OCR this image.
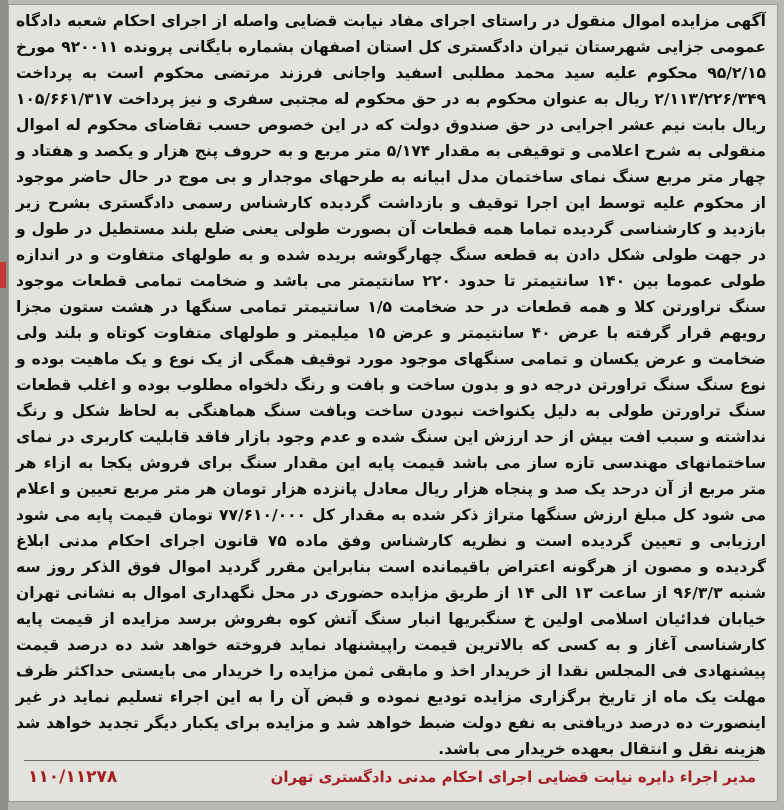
آگهی مزایده اموال منقول در راستای اجرای مفاد نیابت قضایی واصله از اجرای احکام شعبه دادگاه عمومی جزایی شهرستان تیران دادگستری کل استان اصفهان بشماره بایگانی پرونده ۹۲۰۰۱۱ مورخ ۹۵/۲/۱۵ محکوم علیه سید محمد مطلبی اسفید واجانی فرزند مرتضی محکوم است به پرداخت ۲/۱۱۳/۲۲۶/۳۴۹ ریال به عنوان محکوم به در حق محکوم له مجتبی سفری و نیز پرداخت ۱۰۵/۶۶۱/۳۱۷ ریال بابت نیم عشر اجرایی در حق صندوق دولت که در این خصوص حسب تقاضای محکوم له اموال منقولی به شرح اعلامی و توقیفی به مقدار ۵/۱۷۴ متر مربع و به حروف پنج هزار و یکصد و هفتاد و چهار متر مربع سنگ نمای ساختمان مدل ابیانه به طرحهای موجدار و بی موج در حال حاضر موجود از محکوم علیه توسط این اجرا توقیف و بازداشت گردیده کارشناس رسمی دادگستری بشرح زیر بازدید و کارشناسی گردیده تماما همه قطعات آن بصورت طولی یعنی ضلع بلند مستطیل در طول و در جهت طولی شکل دادن به قطعه سنگ چهارگوشه بریده شده و به طولهای متفاوت و در اندازه طولی عموما بین ۱۴۰ سانتیمتر تا حدود ۲۲۰ سانتیمتر می باشد و ضخامت تمامی قطعات موجود سنگ تراورتن کلا و همه قطعات در حد ضخامت ۱/۵ سانتیمتر تمامی سنگها در هشت ستون مجزا رویهم قرار گرفته با عرض ۴۰ سانتیمتر و عرض ۱۵ میلیمتر و طولهای متفاوت کوتاه و بلند ولی ضخامت و عرض یکسان و تمامی سنگهای موجود مورد توقیف همگی از یک نوع و یک ماهیت بوده و نوع سنگ سنگ تراورتن درجه دو و بدون ساخت و بافت و رنگ دلخواه مطلوب بوده و اغلب قطعات سنگ تراورتن طولی به دلیل یکنواخت نبودن ساخت وبافت سنگ هماهنگی به لحاظ شکل و رنگ نداشته و سبب افت بیش از حد ارزش این سنگ شده و عدم وجود بازار فاقد قابلیت کاربری در نمای ساختمانهای مهندسی تازه ساز می باشد قیمت پایه این مقدار سنگ برای فروش یکجا به ازاء هر متر مربع از آن درحد یک صد و پنجاه هزار ریال معادل پانزده هزار تومان هر متر مربع تعیین و اعلام می شود کل مبلغ ارزش سنگها متراژ ذکر شده به مقدار کل ۷۷/۶۱۰/۰۰۰ تومان قیمت پایه می شود ارزیابی و تعیین گردیده است و نظریه کارشناس وفق ماده ۷۵ قانون اجرای احکام مدنی ابلاغ گردیده و مصون از هرگونه اعتراض باقیمانده است بنابراین مقرر گردید اموال فوق الذکر روز سه شنبه ۹۶/۳/۳ از ساعت ۱۳ الی ۱۴ از طریق مزایده حضوری در محل نگهداری اموال به نشانی تهران خیابان فدائیان اسلامی اولین خ سنگبریها انبار سنگ آتش کوه بفروش برسد مزایده از قیمت پایه کارشناسی آغاز و به کسی که بالاترین قیمت راپیشنهاد نماید فروخته خواهد شد ده درصد قیمت پیشنهادی فی المجلس نقدا از خریدار اخذ و مابقی ثمن مزایده را خریدار می بایستی حداکثر ظرف مهلت یک ماه از تاریخ برگزاری مزایده تودیع نموده و قبض آن را به این اجراء تسلیم نماید در غیر اینصورت ده درصد دریافتی به نفع دولت ضبط خواهد شد و مزایده برای یکبار دیگر تجدید خواهد شد هزینه نقل و انتقال بعهده خریدار می باشد.
مدیر اجراء دایره نیابت قضایی اجرای احکام مدنی دادگستری تهران
۱۱۰/۱۱۲۷۸
